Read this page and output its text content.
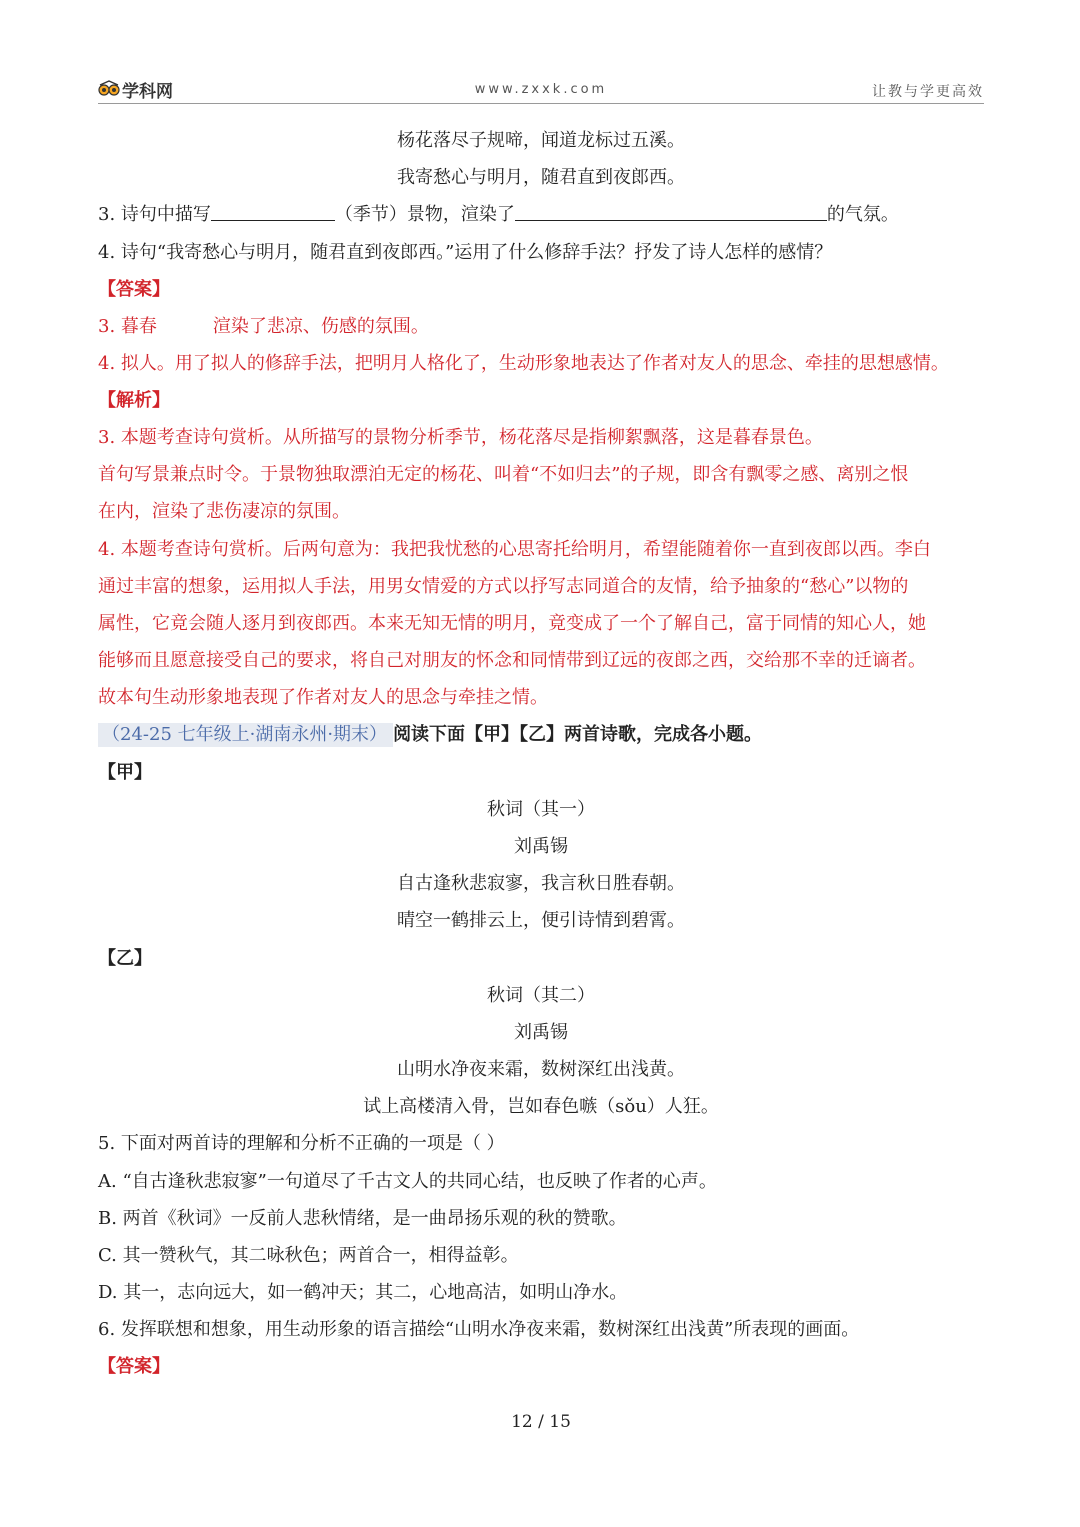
学科网	www.zxxk.com	让教与学更高效
杨花落尽子规啼，闻道龙标过五溪。
我寄愁心与明月，随君直到夜郎西。
3. 诗句中描写	（季节）景物，渲染了	的气氛。
4. 诗句“我寄愁心与明月，随君直到夜郎西。”运用了什么修辞手法？抒发了诗人怎样的感情？
【答案】
3. 暮春	渲染了悲凉、伤感的氛围。
4. 拟人。用了拟人的修辞手法，把明月人格化了，生动形象地表达了作者对友人的思念、牵挂的思想感情。
【解析】
3. 本题考查诗句赏析。从所描写的景物分析季节，杨花落尽是指柳絮飘落，这是暮春景色。
首句写景兼点时令。于景物独取漂泊无定的杨花、叫着“不如归去”的子规，即含有飘零之感、离别之恨
在内，渲染了悲伤凄凉的氛围。
4. 本题考查诗句赏析。后两句意为：我把我忧愁的心思寄托给明月，希望能随着你一直到夜郎以西。李白
通过丰富的想象，运用拟人手法，用男女情爱的方式以抒写志同道合的友情，给予抽象的“愁心”以物的
属性，它竟会随人逐月到夜郎西。本来无知无情的明月，竟变成了一个了解自己，富于同情的知心人，她
能够而且愿意接受自己的要求，将自己对朋友的怀念和同情带到辽远的夜郎之西，交给那不幸的迁谪者。
故本句生动形象地表现了作者对友人的思念与牵挂之情。
（24-25 七年级上·湖南永州·期末） 阅读下面【甲】【乙】两首诗歌，完成各小题。
【甲】
秋词（其一）
刘禹锡
自古逢秋悲寂寥，我言秋日胜春朝。
晴空一鹤排云上，便引诗情到碧霄。
【乙】
秋词（其二）
刘禹锡
山明水净夜来霜，数树深红出浅黄。
试上高楼清入骨，岂如春色嗾（sǒu）人狂。
5. 下面对两首诗的理解和分析不正确的一项是（ ）
A. “自古逢秋悲寂寥”一句道尽了千古文人的共同心结，也反映了作者的心声。
B. 两首《秋词》一反前人悲秋情绪，是一曲昂扬乐观的秋的赞歌。
C. 其一赞秋气，其二咏秋色；两首合一，相得益彰。
D. 其一，志向远大，如一鹤冲天；其二，心地高洁，如明山净水。
6. 发挥联想和想象，用生动形象的语言描绘“山明水净夜来霜，数树深红出浅黄”所表现的画面。
【答案】
12 / 15
